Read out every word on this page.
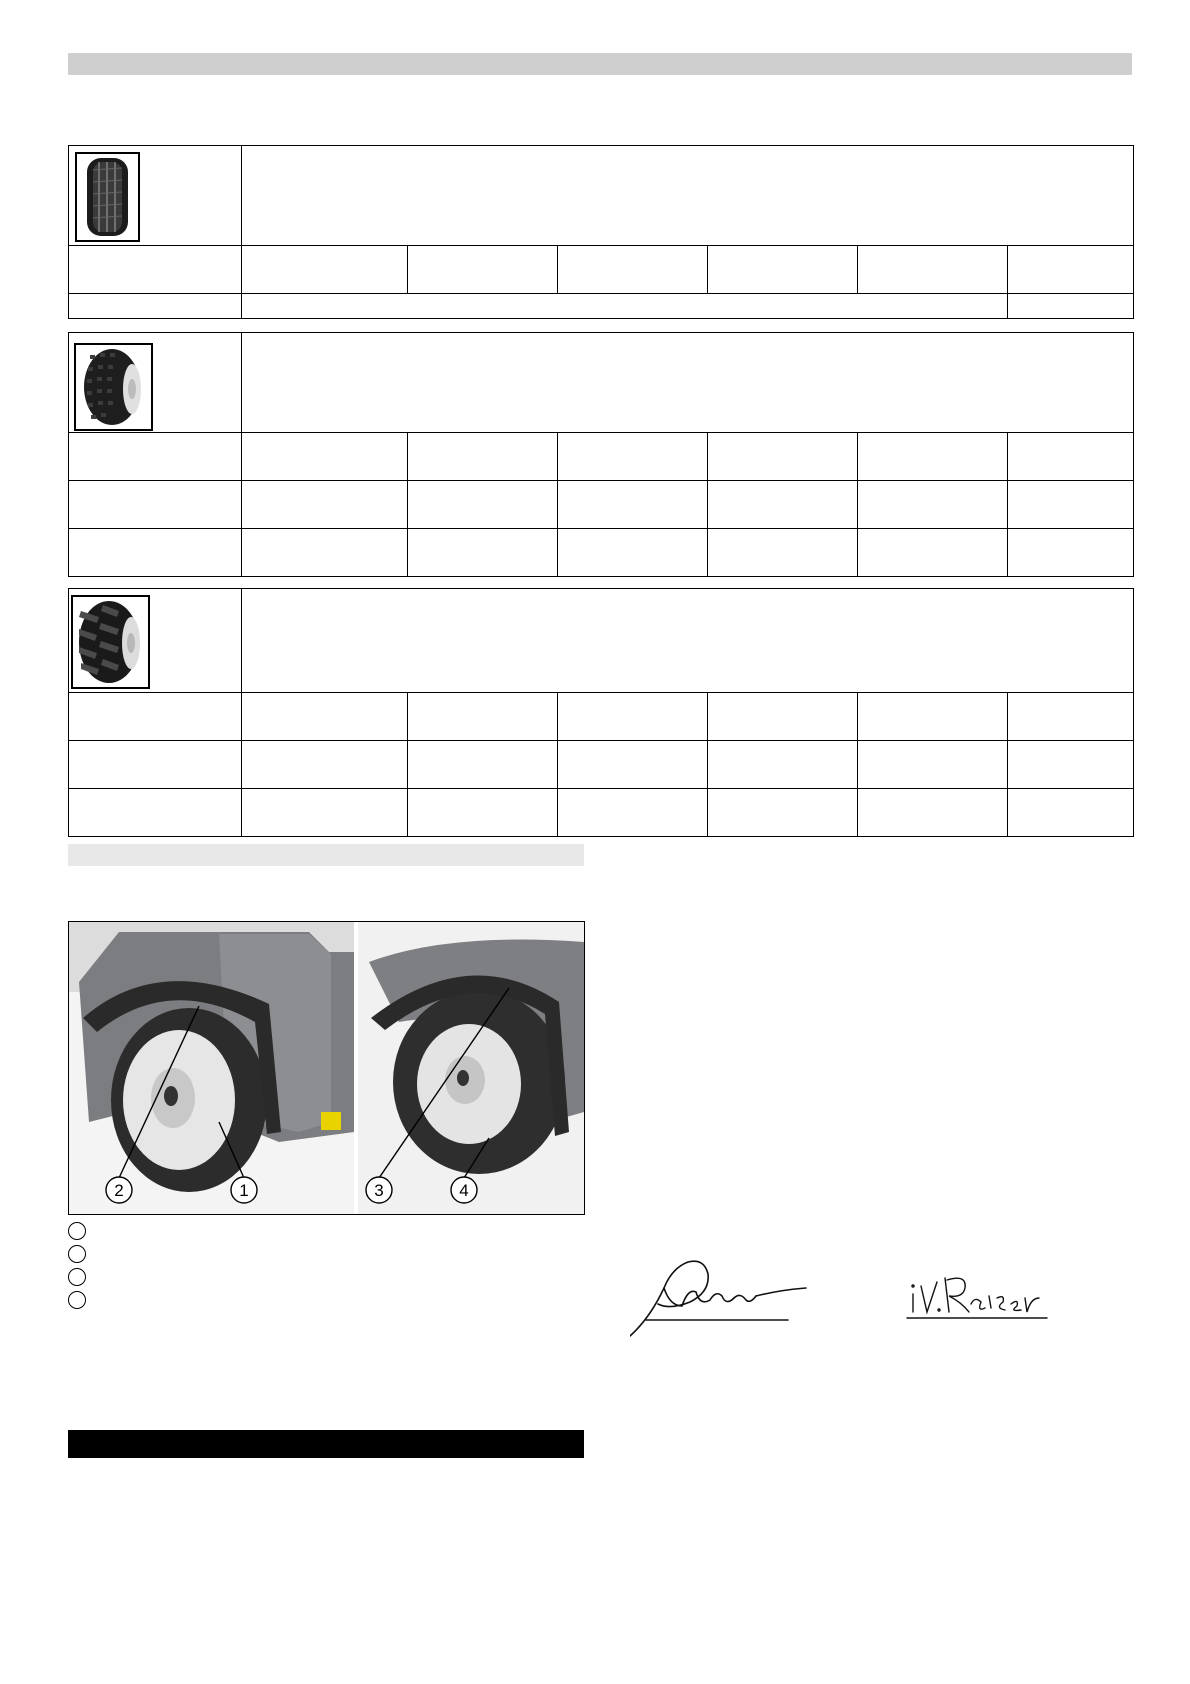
2	1	3	4
